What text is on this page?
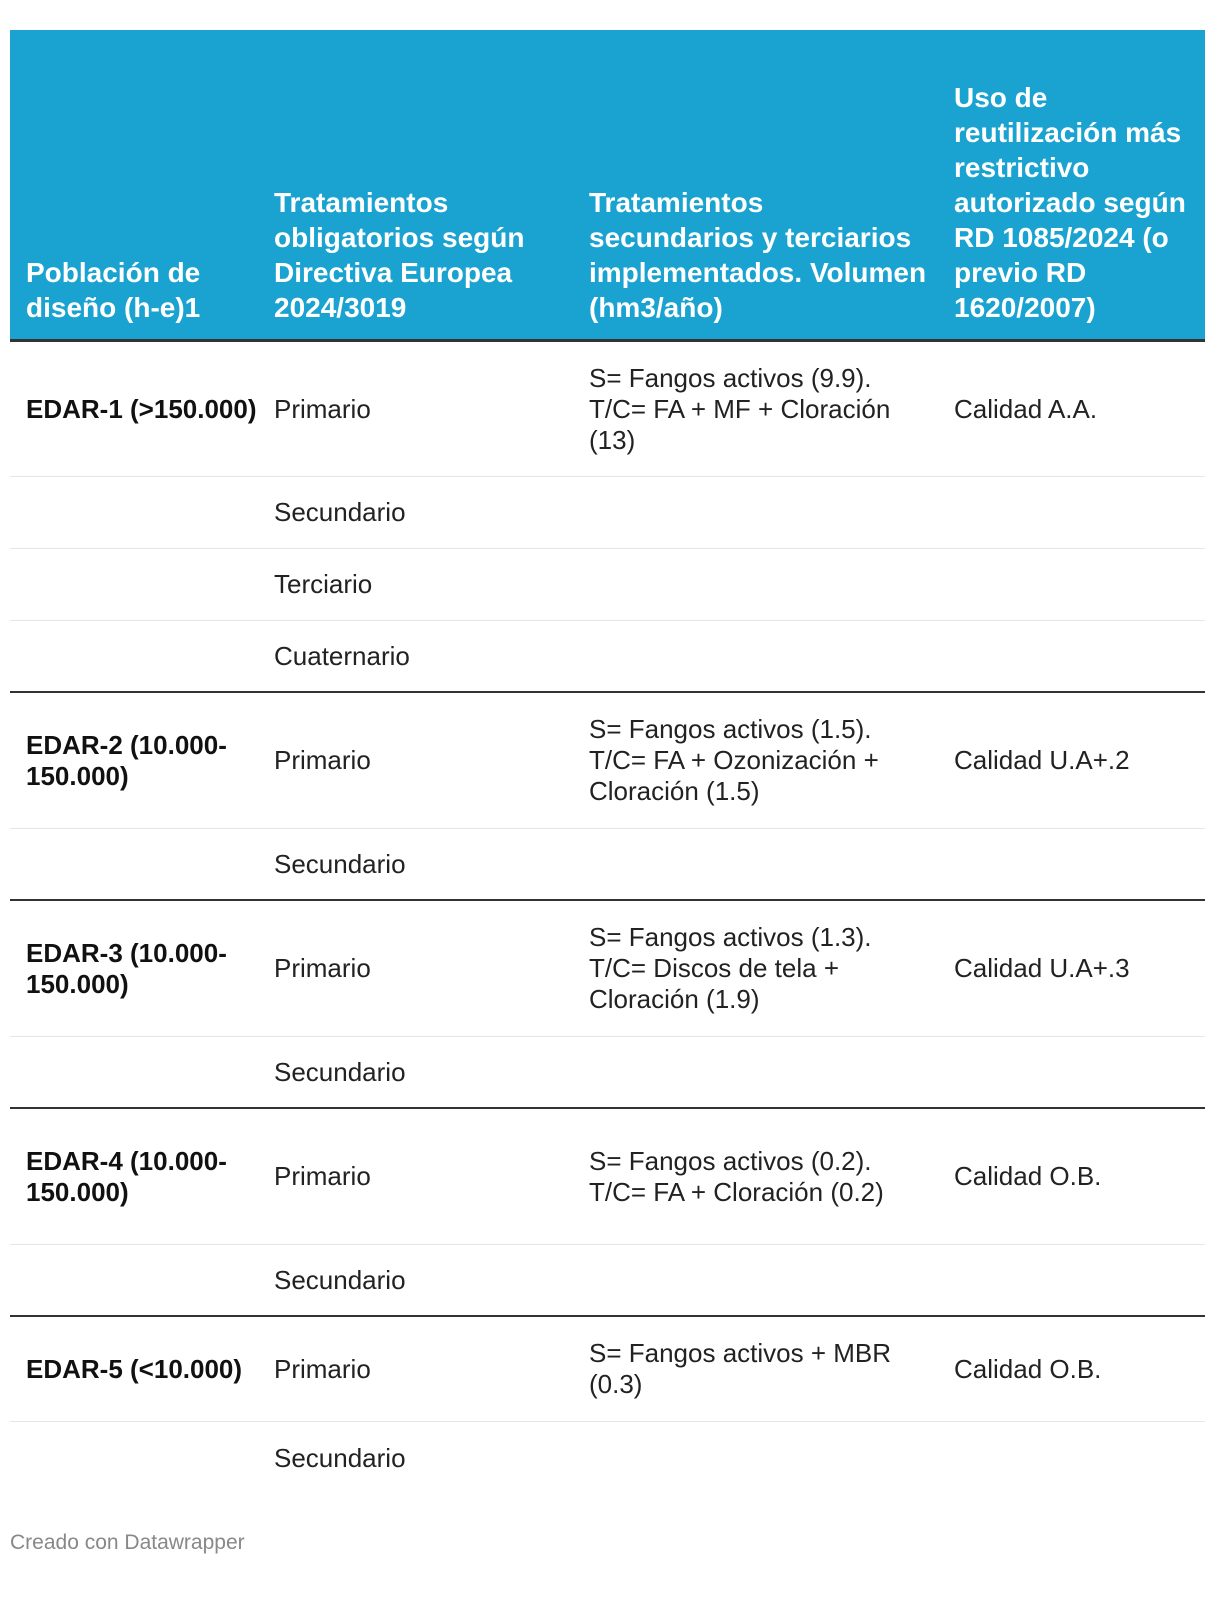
Población de diseño (h-e)1
Tratamientos obligatorios según Directiva Europea 2024/3019
Tratamientos secundarios y terciarios implementados. Volumen (hm3/año)
Uso de reutilización más restrictivo autorizado según RD 1085/2024 (o previo RD 1620/2007)
EDAR-1 (>150.000) Primario
S= Fangos activos (9.9). T/C= FA + MF + Cloración (13)
Calidad A.A.
Secundario
Terciario
Cuaternario
EDAR-2 (10.000-150.000)
Primario
S= Fangos activos (1.5). T/C= FA + Ozonización + Cloración (1.5)
Calidad U.A+.2
Secundario
EDAR-3 (10.000-150.000)
Primario
S= Fangos activos (1.3). T/C= Discos de tela + Cloración (1.9)
Calidad U.A+.3
Secundario
EDAR-4 (10.000-150.000)
Primario
S= Fangos activos (0.2). T/C= FA + Cloración (0.2)
Calidad O.B.
Secundario
EDAR-5 (<10.000)	Primario
S= Fangos activos + MBR (0.3)
Calidad O.B.
Secundario
Creado con Datawrapper
